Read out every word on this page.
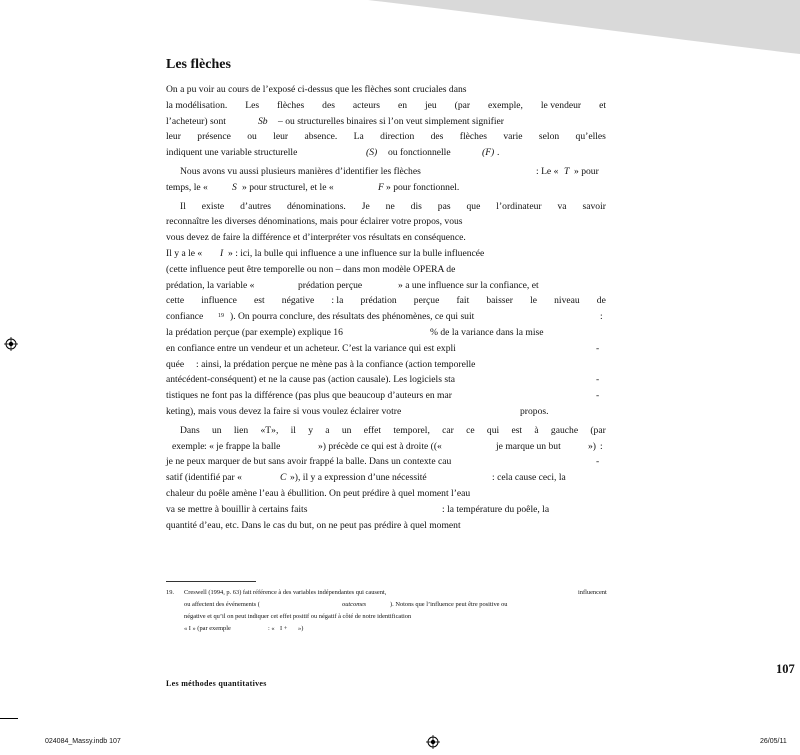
Les flèches
On a pu voir au cours de l’exposé ci-dessus que les flèches sont cruciales dans
la modélisation. Les flèches des acteurs en jeu (par exemple, le vendeur et
l’acheteur) sont	Sb – ou structurelles binaires si l’on veut simplement signifier
leur présence ou leur absence. La direction des flèches varie selon qu’elles
indiquent une variable structurelle	(S) ou fonctionnelle	(F) .
Nous avons vu aussi plusieurs manières d’identifier les flèches	: Le « T » pour
temps, le «	S » pour structurel, et le «	F » pour fonctionnel.
Il existe d’autres dénominations. Je ne dis pas que l’ordinateur va savoir
reconnaître les diverses dénominations, mais pour éclairer votre propos, vous
vous devez de faire la différence et d’interpréter vos résultats en conséquence.
Il y a le « I » : ici, la bulle qui influence a une influence sur la bulle influencée
(cette influence peut être temporelle ou non – dans mon modèle OPERA de
prédation, la variable «	prédation perçue	» a une influence sur la confiance, et
cette influence est négative : la prédation perçue fait baisser le niveau de
confiance 19 ). On pourra conclure, des résultats des phénomènes, ce qui suit	:
la prédation perçue (par exemple) explique 16	% de la variance dans la mise
en confiance entre un vendeur et un acheteur. C’est la variance qui est expli	-
quée : ainsi, la prédation perçue ne mène pas à la confiance (action temporelle
antécédent-conséquent) et ne la cause pas (action causale). Les logiciels sta	-
tistiques ne font pas la différence (pas plus que beaucoup d’auteurs en mar	-
keting), mais vous devez la faire si vous voulez éclairer votre	propos.
Dans un lien «T», il y a un effet temporel, car ce qui est à gauche (par
exemple : « je frappe la balle	») précède ce qui est à droite ((«	je marque un but	») :
je ne peux marquer de but sans avoir frappé la balle. Dans un contexte cau	-
satif (identifié par «	C »), il y a expression d’une nécessité	: cela cause ceci, la
chaleur du poêle amène l’eau à ébullition. On peut prédire à quel moment l’eau
va se mettre à bouillir à certains faits	: la température du poêle, la
quantité d’eau, etc. Dans le cas du but, on ne peut pas prédire à quel moment
19.	Creswell (1994, p. 63) fait référence à des variables indépendantes qui causent,	influencent
ou affectent des événements (	outcomes	). Notons que l’influence peut être positive ou
négative et qu’il on peut indiquer cet effet positif ou négatif à côté de notre identification
« I » (par exemple	: « I + »)
107
Les méthodes quantitatives
024084_Massy.indb 107	26/05/11
